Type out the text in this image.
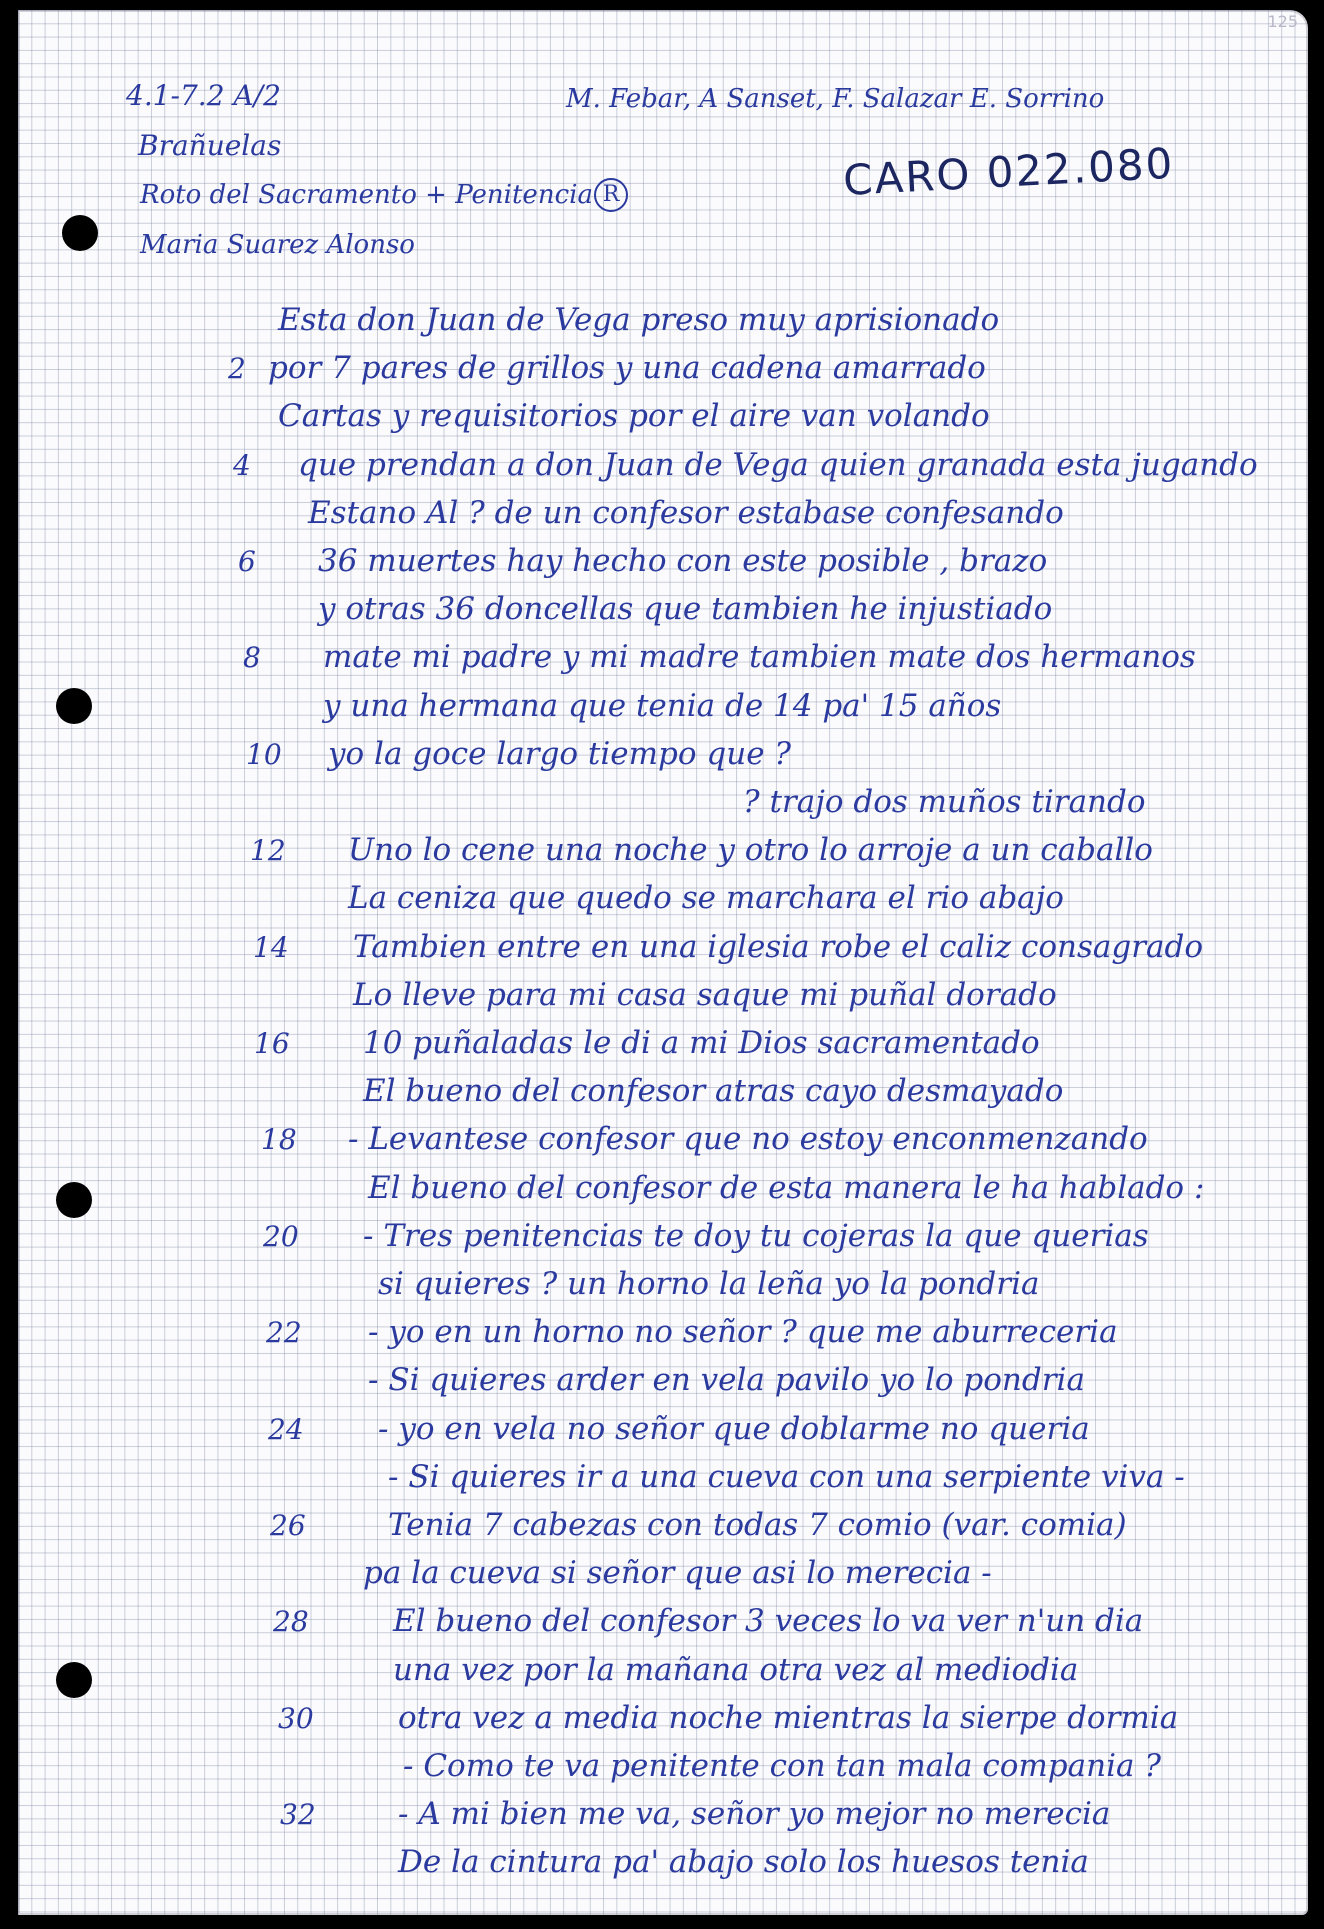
125
4.1-7.2 A/2	M. Febar, A Sanset, F. Salazar E. Sorrino
Brañuelas
Roto del Sacramento + Penitencia R
Maria Suarez Alonso
CARO 022.080
Esta don Juan de Vega preso muy aprisionado
por 7 pares de grillos y una cadena amarrado
2
Cartas y requisitorios por el aire van volando
que prendan a don Juan de Vega quien granada esta jugando
4
Estano Al ? de un confesor estabase confesando
36 muertes hay hecho con este posible , brazo
6
y otras 36 doncellas que tambien he injustiado
mate mi padre y mi madre tambien mate dos hermanos
8
y una hermana que tenia de 14 pa' 15 años
yo la goce largo tiempo que ?
10
? trajo dos muños tirando
Uno lo cene una noche y otro lo arroje a un caballo
12
La ceniza que quedo se marchara el rio abajo
Tambien entre en una iglesia robe el caliz consagrado
14
Lo lleve para mi casa saque mi puñal dorado
10 puñaladas le di a mi Dios sacramentado
16
El bueno del confesor atras cayo desmayado
- Levantese confesor que no estoy enconmenzando
18
El bueno del confesor de esta manera le ha hablado :
- Tres penitencias te doy tu cojeras la que querias
20
si quieres ? un horno la leña yo la pondria
- yo en un horno no señor ? que me aburreceria
22
- Si quieres arder en vela pavilo yo lo pondria
- yo en vela no señor que doblarme no queria
24
- Si quieres ir a una cueva con una serpiente viva -
Tenia 7 cabezas con todas 7 comio (var. comia)
26
pa la cueva si señor que asi lo merecia -
El bueno del confesor 3 veces lo va ver n'un dia
28
una vez por la mañana otra vez al mediodia
otra vez a media noche mientras la sierpe dormia
30
- Como te va penitente con tan mala compania ?
- A mi bien me va, señor yo mejor no merecia
32
De la cintura pa' abajo solo los huesos tenia
